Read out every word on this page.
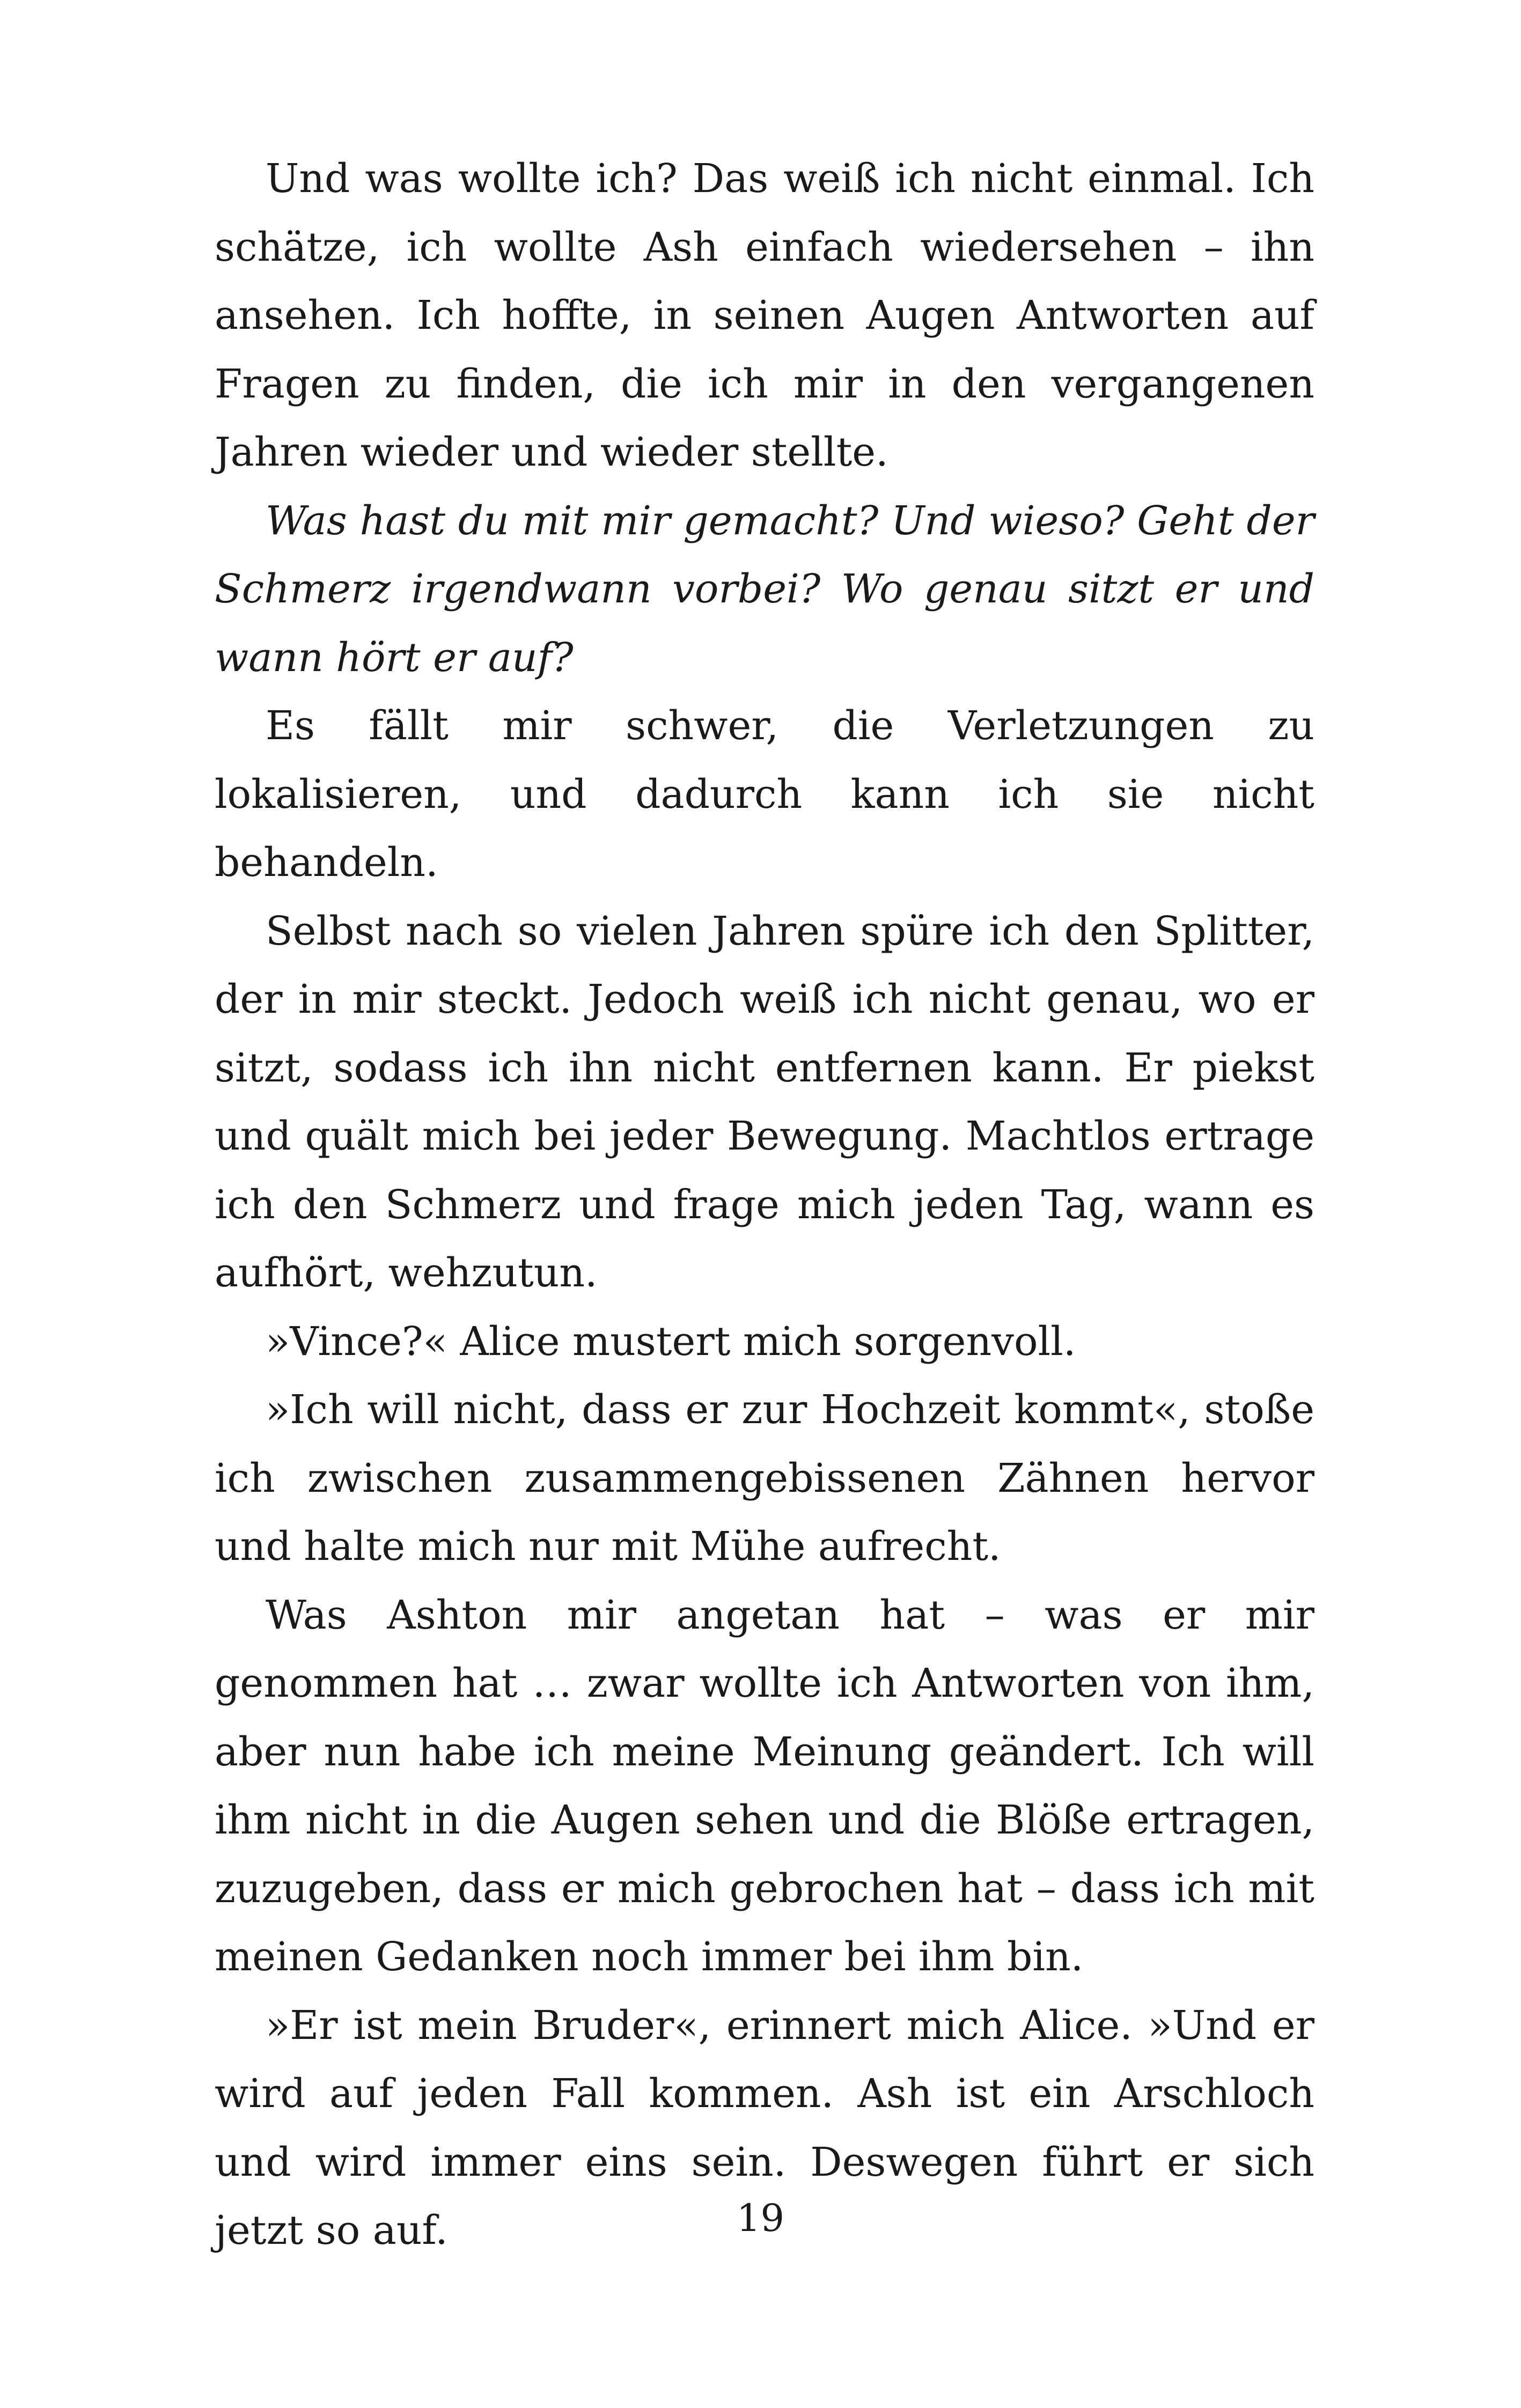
Und was wollte ich? Das weiß ich nicht einmal. Ich schätze, ich wollte Ash einfach wiedersehen – ihn ansehen. Ich hoffte, in seinen Augen Antworten auf Fragen zu finden, die ich mir in den vergangenen Jahren wieder und wieder stellte.

Was hast du mit mir gemacht? Und wieso? Geht der Schmerz irgendwann vorbei? Wo genau sitzt er und wann hört er auf?

Es fällt mir schwer, die Verletzungen zu lokalisieren, und dadurch kann ich sie nicht behandeln.

Selbst nach so vielen Jahren spüre ich den Splitter, der in mir steckt. Jedoch weiß ich nicht genau, wo er sitzt, sodass ich ihn nicht entfernen kann. Er piekst und quält mich bei jeder Bewegung. Machtlos ertrage ich den Schmerz und frage mich jeden Tag, wann es aufhört, wehzutun.

»Vince?« Alice mustert mich sorgenvoll.

»Ich will nicht, dass er zur Hochzeit kommt«, stoße ich zwischen zusammengebissenen Zähnen hervor und halte mich nur mit Mühe aufrecht.

Was Ashton mir angetan hat – was er mir genommen hat … zwar wollte ich Antworten von ihm, aber nun habe ich meine Meinung geändert. Ich will ihm nicht in die Augen sehen und die Blöße ertragen, zuzugeben, dass er mich gebrochen hat – dass ich mit meinen Gedanken noch immer bei ihm bin.

»Er ist mein Bruder«, erinnert mich Alice. »Und er wird auf jeden Fall kommen. Ash ist ein Arschloch und wird immer eins sein. Deswegen führt er sich jetzt so auf.	19
